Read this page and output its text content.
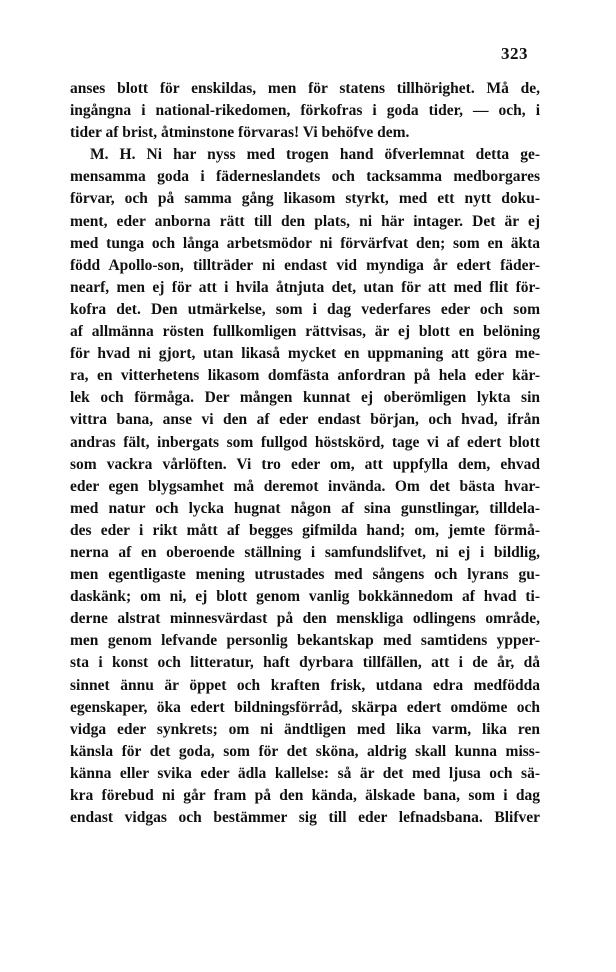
323
anses blott för enskildas, men för statens tillhörighet. Må de,
ingångna i national-rikedomen, förkofras i goda tider, — och, i
tider af brist, åtminstone förvaras! Vi behöfve dem.
M. H. Ni har nyss med trogen hand öfverlemnat detta ge-
mensamma goda i fäderneslandets och tacksamma medborgares
förvar, och på samma gång likasom styrkt, med ett nytt doku-
ment, eder anborna rätt till den plats, ni här intager. Det är ej
med tunga och långa arbetsmödor ni förvärfvat den; som en äkta
född Apollo-son, tillträder ni endast vid myndiga år edert fäder-
nearf, men ej för att i hvila åtnjuta det, utan för att med flit för-
kofra det. Den utmärkelse, som i dag vederfares eder och som
af allmänna rösten fullkomligen rättvisas, är ej blott en belöning
för hvad ni gjort, utan likaså mycket en uppmaning att göra me-
ra, en vitterhetens likasom domfästa anfordran på hela eder kär-
lek och förmåga. Der mången kunnat ej oberömligen lykta sin
vittra bana, anse vi den af eder endast början, och hvad, ifrån
andras fält, inbergats som fullgod höstskörd, tage vi af edert blott
som vackra vårlöften. Vi tro eder om, att uppfylla dem, ehvad
eder egen blygsamhet må deremot invända. Om det bästa hvar-
med natur och lycka hugnat någon af sina gunstlingar, tilldela-
des eder i rikt mått af begges gifmilda hand; om, jemte förmå-
nerna af en oberoende ställning i samfundslifvet, ni ej i bildlig,
men egentligaste mening utrustades med sångens och lyrans gu-
daskänk; om ni, ej blott genom vanlig bokkännedom af hvad ti-
derne alstrat minnesvärdast på den menskliga odlingens område,
men genom lefvande personlig bekantskap med samtidens ypper-
sta i konst och litteratur, haft dyrbara tillfällen, att i de år, då
sinnet ännu är öppet och kraften frisk, utdana edra medfödda
egenskaper, öka edert bildningsförråd, skärpa edert omdöme och
vidga eder synkrets; om ni ändtligen med lika varm, lika ren
känsla för det goda, som för det sköna, aldrig skall kunna miss-
känna eller svika eder ädla kallelse: så är det med ljusa och sä-
kra förebud ni går fram på den kända, älskade bana, som i dag
endast vidgas och bestämmer sig till eder lefnadsbana. Blifver
